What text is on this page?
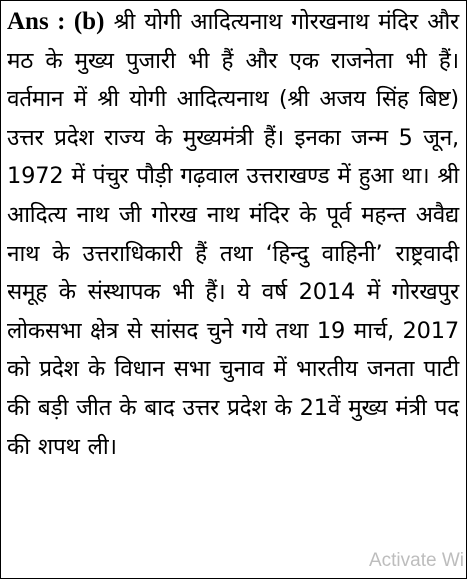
Ans : (b) श्री योगी आदित्यनाथ गोरखनाथ मंदिर और मठ के मुख्य पुजारी भी हैं और एक राजनेता भी हैं। वर्तमान में श्री योगी आदित्यनाथ (श्री अजय सिंह बिष्ट) उत्तर प्रदेश राज्य के मुख्यमंत्री हैं। इनका जन्म 5 जून, 1972 में पंचुर पौड़ी गढ़वाल उत्तराखण्ड में हुआ था। श्री आदित्य नाथ जी गोरख नाथ मंदिर के पूर्व महन्त अवैद्य नाथ के उत्तराधिकारी हैं तथा ‘हिन्दु वाहिनी’ राष्ट्रवादी समूह के संस्थापक भी हैं। ये वर्ष 2014 में गोरखपुर लोकसभा क्षेत्र से सांसद चुने गये तथा 19 मार्च, 2017 को प्रदेश के विधान सभा चुनाव में भारतीय जनता पाटी की बड़ी जीत के बाद उत्तर प्रदेश के 21वें मुख्य मंत्री पद की शपथ ली।

Activate Wi
